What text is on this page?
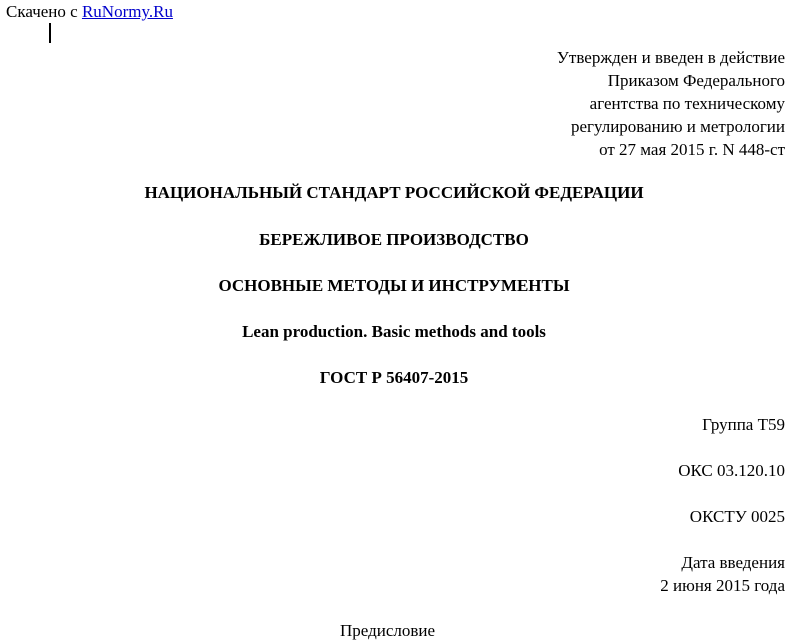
Скачено с RuNormy.Ru
Утвержден и введен в действие
Приказом Федерального
агентства по техническому
регулированию и метрологии
от 27 мая 2015 г. N 448-ст
НАЦИОНАЛЬНЫЙ СТАНДАРТ РОССИЙСКОЙ ФЕДЕРАЦИИ
БЕРЕЖЛИВОЕ ПРОИЗВОДСТВО
ОСНОВНЫЕ МЕТОДЫ И ИНСТРУМЕНТЫ
Lean production. Basic methods and tools
ГОСТ Р 56407-2015
Группа Т59
ОКС 03.120.10
ОКСТУ 0025
Дата введения
2 июня 2015 года
Предисловие
